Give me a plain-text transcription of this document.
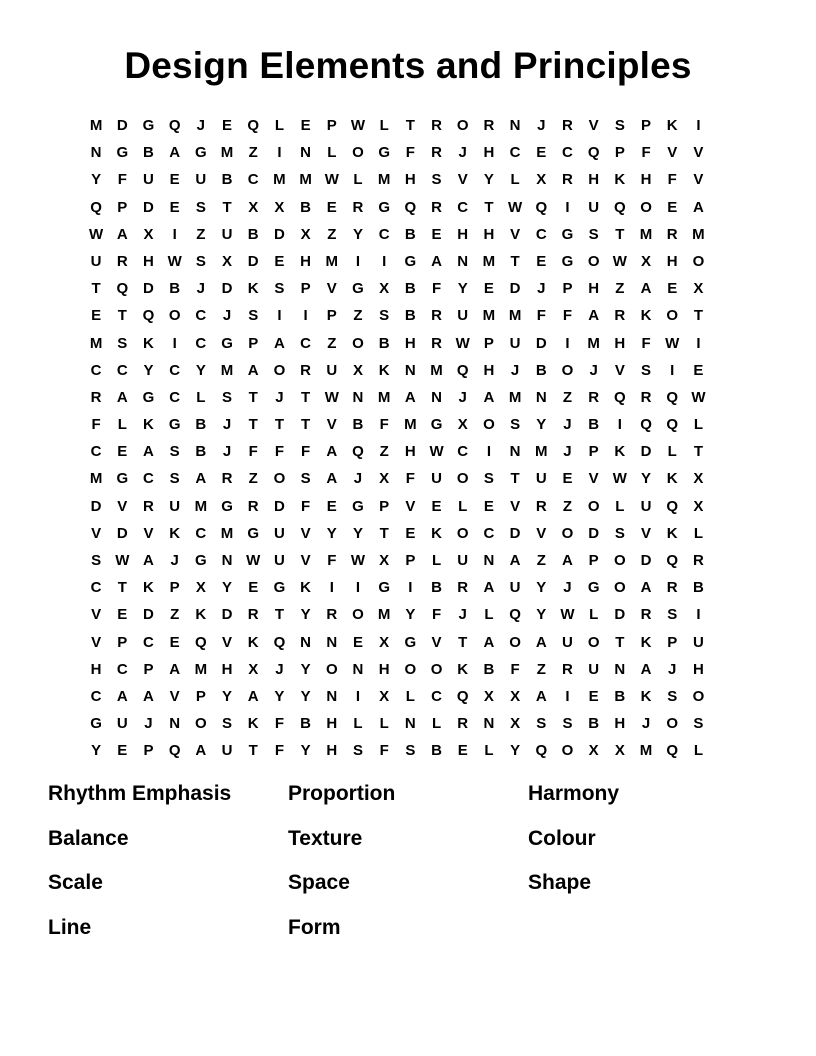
Design Elements and Principles
M D G Q	J	E	Q	L	E	P W L	T	R O R	N	J	R	V	S	P	K	I
N G B	A G M	Z	I	N	L	O G	F	R	J	H	C	E	C Q	P	F	V	V
Y	F	U	E	U	B	C M M W L	M H	S	V	Y	L	X	R	H	K	H	F	V
Q	P	D	E	S	T	X	X	B	E	R G Q R	C	T W Q	I	U Q O	E	A
W A	X	I	Z	U	B	D	X	Z	Y	C	B	E	H	H	V	C G	S	T	M R M
U	R	H W S	X	D	E	H M	I	I	G A	N M	T	E	G O W X	H O
T	Q D	B	J	D	K	S	P	V	G	X	B	F	Y	E	D	J	P	H	Z	A	E	X
E	T	Q O C	J	S	I	I	P	Z	S	B	R	U M M	F	F	A	R	K O	T
M S	K	I	C G	P	A	C	Z	O B	H	R W P	U	D	I	M H	F W	I
C	C	Y	C	Y M A O R	U	X	K	N M Q H	J	B O	J	V	S	I	E
R	A G C	L	S	T	J	T W N M A	N	J	A M N	Z	R Q R Q W
F	L	K G B	J	T	T	T	V	B	F	M G	X	O	S	Y	J	B	I	Q Q	L
C	E	A	S	B	J	F	F	F	A Q	Z	H W C	I	N M	J	P	K	D	L	T
M G C	S	A	R	Z	O	S	A	J	X	F	U O	S	T	U	E	V W Y	K	X
D	V	R	U M G R	D	F	E	G	P	V	E	L	E	V	R	Z	O	L	U Q	X
V	D	V	K	C M G U	V	Y	Y	T	E	K O C	D	V	O D	S	V	K	L
S W A	J	G N W U	V	F W X	P	L	U	N	A	Z	A	P	O D Q R
C	T	K	P	X	Y	E	G K	I	I	G	I	B	R	A	U	Y	J	G O A	R	B
V	E	D	Z	K	D	R	T	Y	R O M Y	F	J	L	Q	Y W L	D	R	S	I
V	P	C	E	Q	V	K Q N	N	E	X	G	V	T	A O A	U O	T	K	P	U
H	C	P	A M H	X	J	Y	O N	H O O K	B	F	Z	R	U	N	A	J	H
C	A	A	V	P	Y	A	Y	Y	N	I	X	L	C Q	X	X	A	I	E	B	K	S	O
G U	J	N O	S	K	F	B	H	L	L	N	L	R	N	X	S	S	B	H	J	O	S
Y	E	P	Q A	U	T	F	Y	H	S	F	S	B	E	L	Y	Q O	X	X M Q	L
Rhythm Emphasis	Proportion	Harmony
Balance	Texture	Colour
Scale	Space	Shape
Line	Form
